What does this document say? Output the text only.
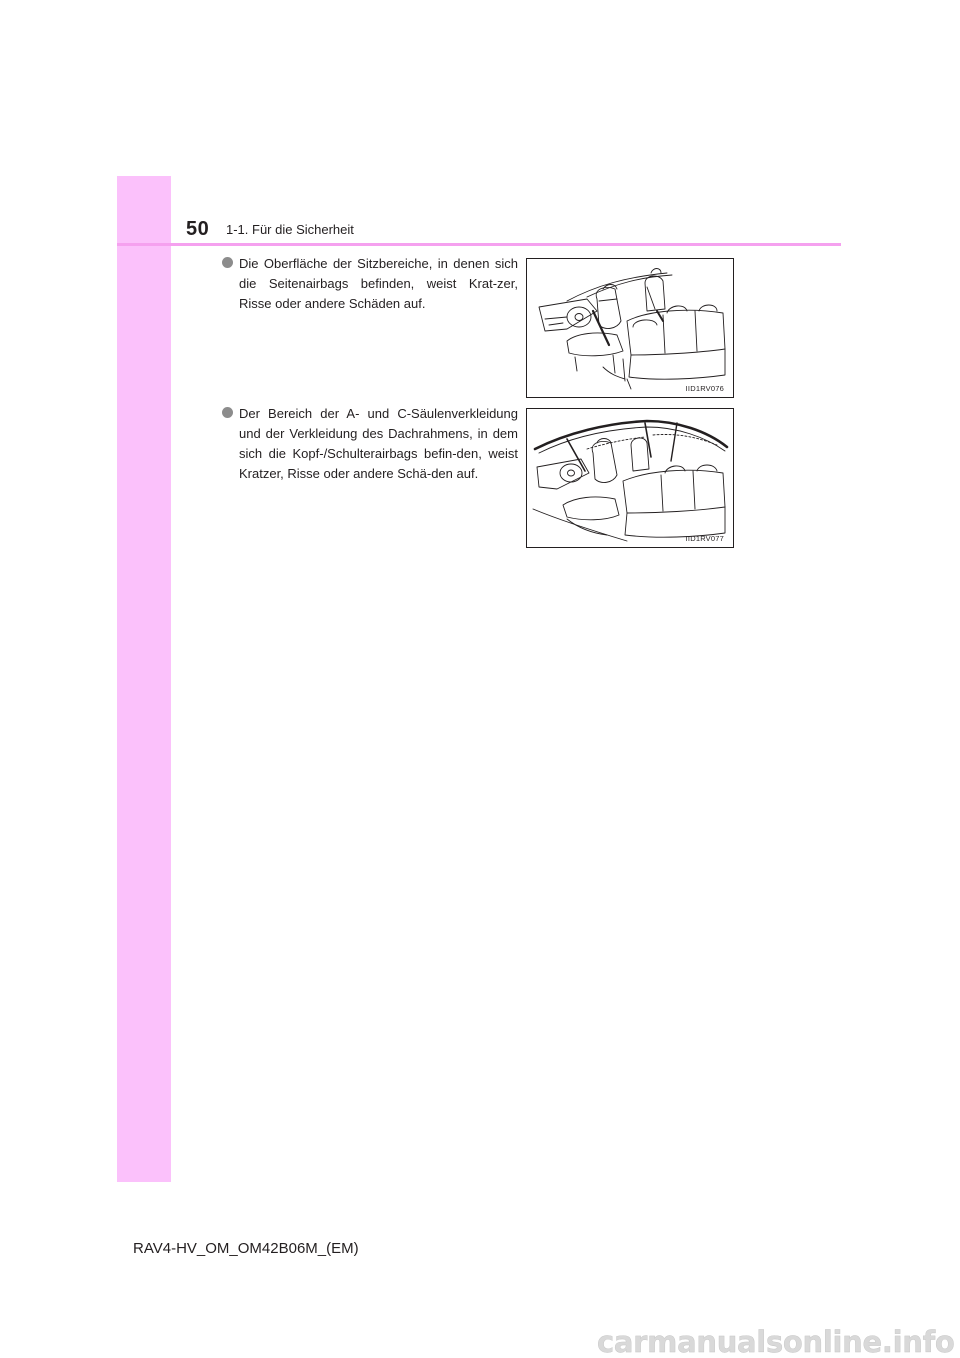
50 1-1. Für die Sicherheit
Die Oberfläche der Sitzbereiche, in denen sich die Seitenairbags befinden, weist Krat-zer, Risse oder andere Schäden auf.
IID1RV076
Der Bereich der A- und C-Säulenverkleidung und der Verkleidung des Dachrahmens, in dem sich die Kopf-/Schulterairbags befin-den, weist Kratzer, Risse oder andere Schä-den auf.
IID1RV077
RAV4-HV_OM_OM42B06M_(EM)
carmanualsonline.info
